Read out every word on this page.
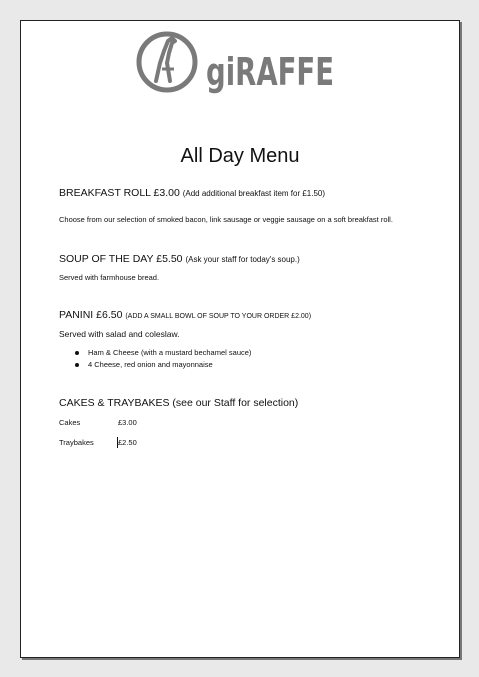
giRAFFE
All Day Menu
BREAKFAST ROLL £3.00 (Add additional breakfast item for £1.50)
Choose from our selection of smoked bacon, link sausage or veggie sausage on a soft breakfast roll.
SOUP OF THE DAY £5.50 (Ask your staff for today's soup.)
Served with farmhouse bread.
PANINI £6.50 (ADD A SMALL BOWL OF SOUP TO YOUR ORDER £2.00)
Served with salad and coleslaw.
Ham & Cheese (with a mustard bechamel sauce)
4 Cheese, red onion and mayonnaise
CAKES & TRAYBAKES (see our Staff for selection)
Cakes	£3.00
Traybakes	£2.50
